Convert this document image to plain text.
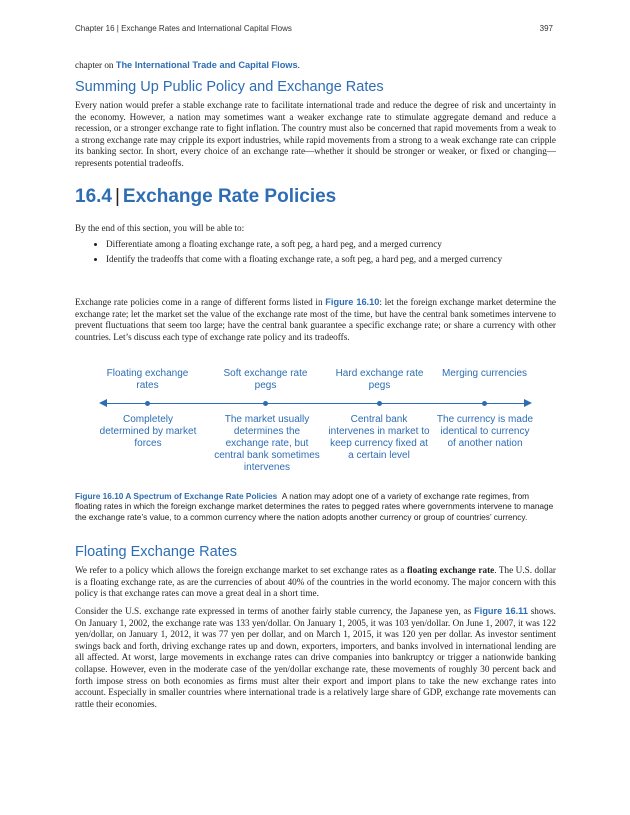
Chapter 16 | Exchange Rates and International Capital Flows	397
chapter on The International Trade and Capital Flows.
Summing Up Public Policy and Exchange Rates
Every nation would prefer a stable exchange rate to facilitate international trade and reduce the degree of risk and uncertainty in the economy. However, a nation may sometimes want a weaker exchange rate to stimulate aggregate demand and reduce a recession, or a stronger exchange rate to fight inflation. The country must also be concerned that rapid movements from a weak to a strong exchange rate may cripple its export industries, while rapid movements from a strong to a weak exchange rate can cripple its banking sector. In short, every choice of an exchange rate—whether it should be stronger or weaker, or fixed or changing—represents potential tradeoffs.
16.4 | Exchange Rate Policies
By the end of this section, you will be able to:
• Differentiate among a floating exchange rate, a soft peg, a hard peg, and a merged currency
• Identify the tradeoffs that come with a floating exchange rate, a soft peg, a hard peg, and a merged currency
Exchange rate policies come in a range of different forms listed in Figure 16.10: let the foreign exchange market determine the exchange rate; let the market set the value of the exchange rate most of the time, but have the central bank sometimes intervene to prevent fluctuations that seem too large; have the central bank guarantee a specific exchange rate; or share a currency with other countries. Let’s discuss each type of exchange rate policy and its tradeoffs.
Floating exchange rates
Soft exchange rate pegs
Hard exchange rate pegs
Merging currencies
Completely determined by market forces
The market usually determines the exchange rate, but central bank sometimes intervenes
Central bank intervenes in market to keep currency fixed at a certain level
The currency is made identical to currency of another nation
Figure 16.10 A Spectrum of Exchange Rate Policies A nation may adopt one of a variety of exchange rate regimes, from floating rates in which the foreign exchange market determines the rates to pegged rates where governments intervene to manage the exchange rate’s value, to a common currency where the nation adopts another currency or group of countries’ currency.
Floating Exchange Rates
We refer to a policy which allows the foreign exchange market to set exchange rates as a floating exchange rate. The U.S. dollar is a floating exchange rate, as are the currencies of about 40% of the countries in the world economy. The major concern with this policy is that exchange rates can move a great deal in a short time.
Consider the U.S. exchange rate expressed in terms of another fairly stable currency, the Japanese yen, as Figure 16.11 shows. On January 1, 2002, the exchange rate was 133 yen/dollar. On January 1, 2005, it was 103 yen/dollar. On June 1, 2007, it was 122 yen/dollar, on January 1, 2012, it was 77 yen per dollar, and on March 1, 2015, it was 120 yen per dollar. As investor sentiment swings back and forth, driving exchange rates up and down, exporters, importers, and banks involved in international lending are all affected. At worst, large movements in exchange rates can drive companies into bankruptcy or trigger a nationwide banking collapse. However, even in the moderate case of the yen/dollar exchange rate, these movements of roughly 30 percent back and forth impose stress on both economies as firms must alter their export and import plans to take the new exchange rates into account. Especially in smaller countries where international trade is a relatively large share of GDP, exchange rate movements can rattle their economies.
